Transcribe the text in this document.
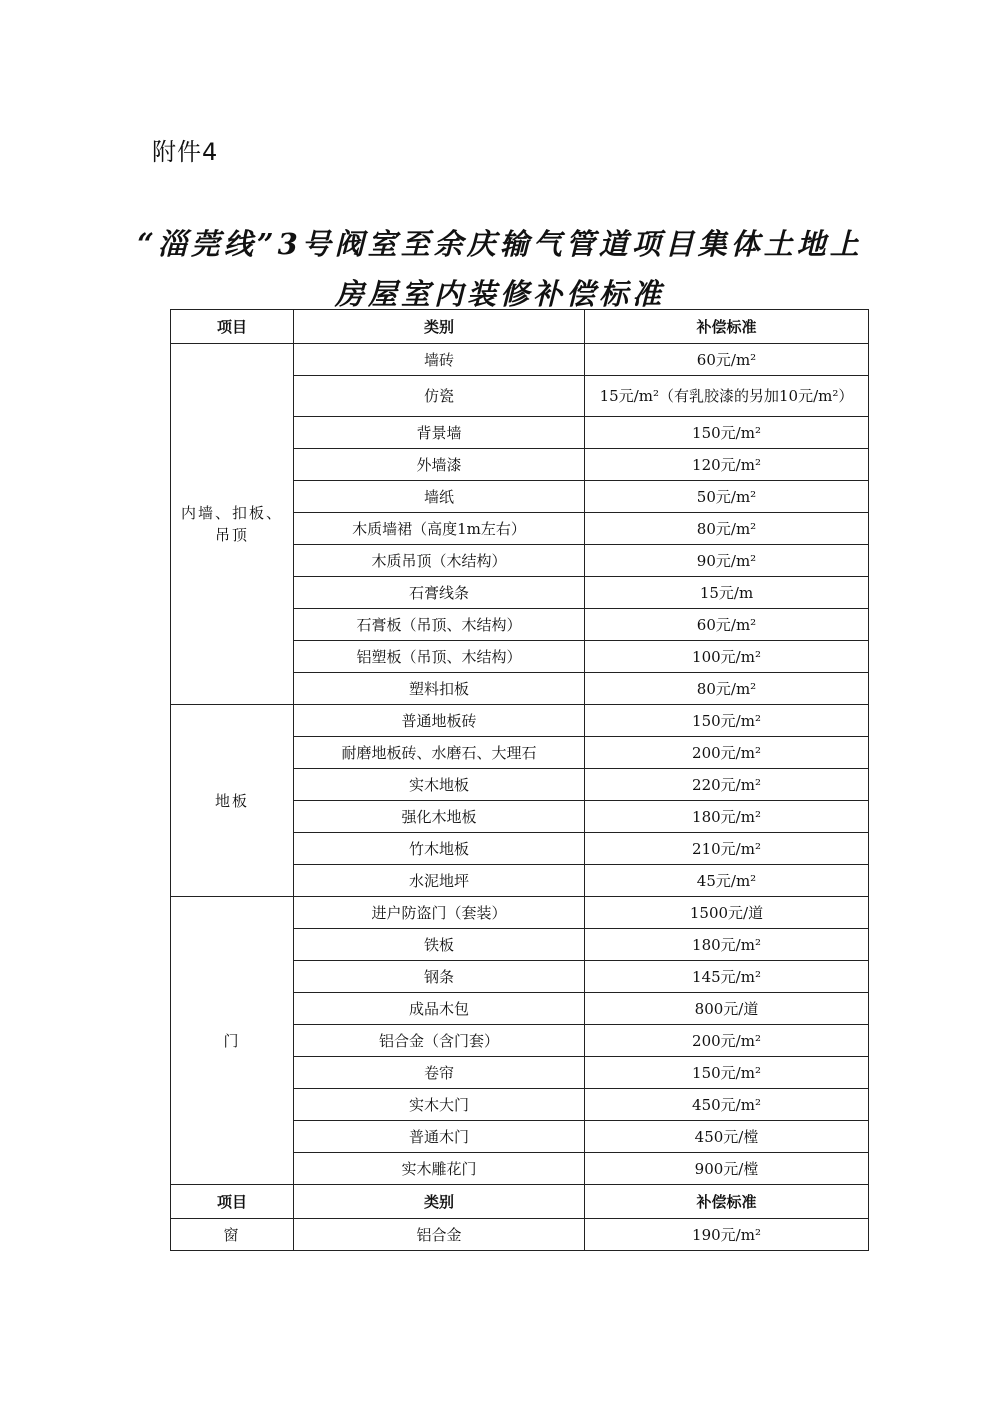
附件4
“淄莞线”3号阀室至余庆输气管道项目集体土地上
房屋室内装修补偿标准
项目	类别	补偿标准
内墙、扣板、吊顶	墙砖	60元/m²
	仿瓷	15元/m²（有乳胶漆的另加10元/m²）
	背景墙	150元/m²
	外墙漆	120元/m²
	墙纸	50元/m²
	木质墙裙（高度1m左右）	80元/m²
	木质吊顶（木结构）	90元/m²
	石膏线条	15元/m
	石膏板（吊顶、木结构）	60元/m²
	铝塑板（吊顶、木结构）	100元/m²
	塑料扣板	80元/m²
地板	普通地板砖	150元/m²
	耐磨地板砖、水磨石、大理石	200元/m²
	实木地板	220元/m²
	强化木地板	180元/m²
	竹木地板	210元/m²
	水泥地坪	45元/m²
门	进户防盗门（套装）	1500元/道
	铁板	180元/m²
	钢条	145元/m²
	成品木包	800元/道
	铝合金（含门套）	200元/m²
	卷帘	150元/m²
	实木大门	450元/m²
	普通木门	450元/樘
	实木雕花门	900元/樘
项目	类别	补偿标准
窗	铝合金	190元/m²
